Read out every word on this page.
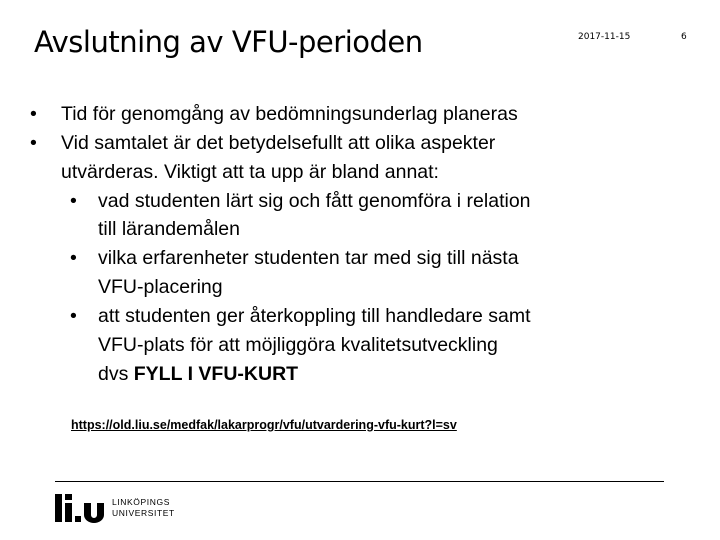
Avslutning av VFU-perioden	2017-11-15	6
• Tid för genomgång av bedömningsunderlag planeras
• Vid samtalet är det betydelsefullt att olika aspekter
utvärderas. Viktigt att ta upp är bland annat:
• vad studenten lärt sig och fått genomföra i relation
till lärandemålen
• vilka erfarenheter studenten tar med sig till nästa
VFU-placering
• att studenten ger återkoppling till handledare samt
VFU-plats för att möjliggöra kvalitetsutveckling
dvs FYLL I VFU-KURT
https://old.liu.se/medfak/lakarprogr/vfu/utvardering-vfu-kurt?l=sv
LINKÖPINGS
UNIVERSITET
